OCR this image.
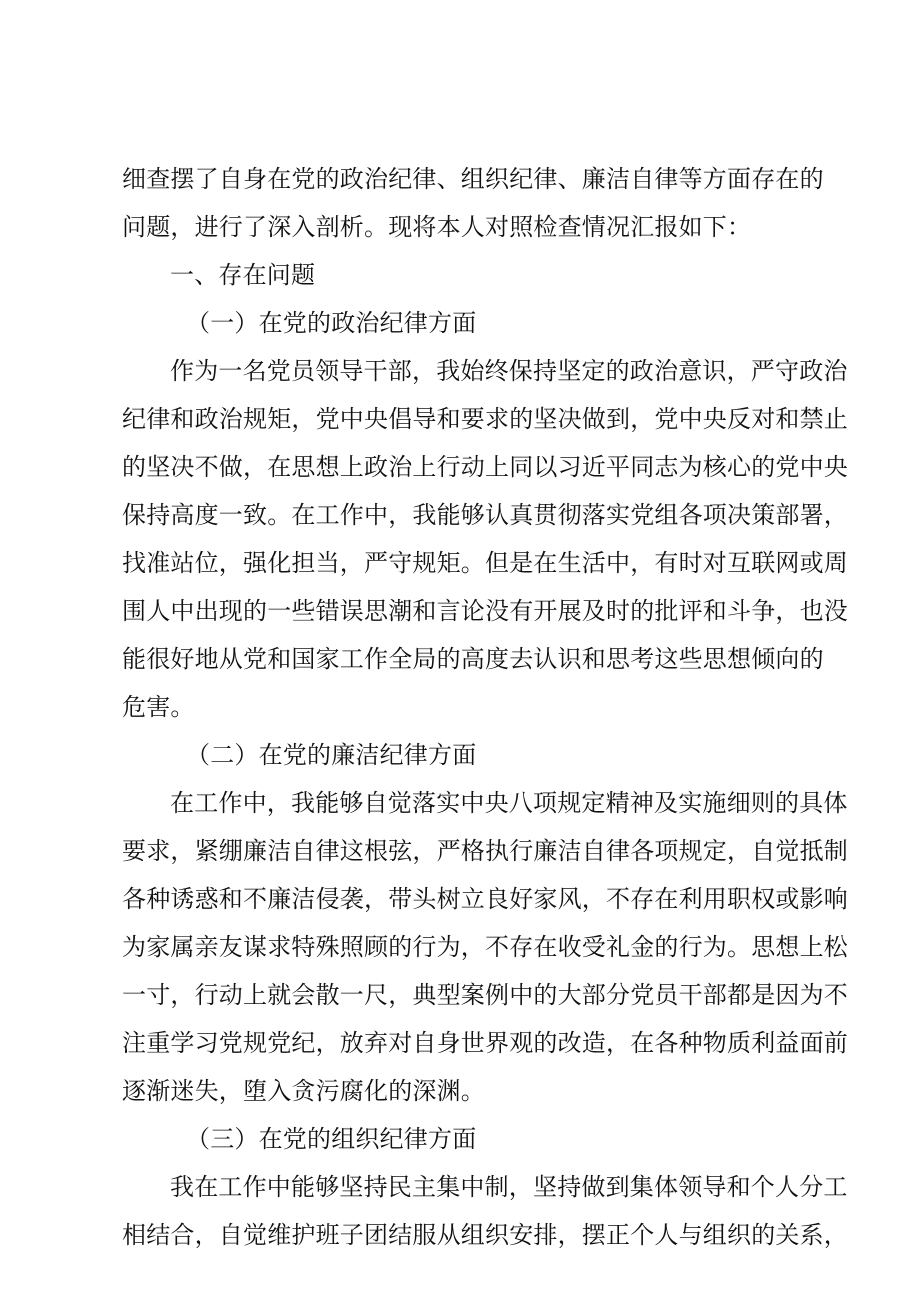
细查摆了自身在党的政治纪律、组织纪律、廉洁自律等方面存在的
问题，进行了深入剖析。现将本人对照检查情况汇报如下：
一、存在问题
（一）在党的政治纪律方面
作为一名党员领导干部，我始终保持坚定的政治意识，严守政治
纪律和政治规矩，党中央倡导和要求的坚决做到，党中央反对和禁止
的坚决不做，在思想上政治上行动上同以习近平同志为核心的党中央
保持高度一致。在工作中，我能够认真贯彻落实党组各项决策部署，
找准站位，强化担当，严守规矩。但是在生活中，有时对互联网或周
围人中出现的一些错误思潮和言论没有开展及时的批评和斗争，也没
能很好地从党和国家工作全局的高度去认识和思考这些思想倾向的
危害。
（二）在党的廉洁纪律方面
在工作中，我能够自觉落实中央八项规定精神及实施细则的具体
要求，紧绷廉洁自律这根弦，严格执行廉洁自律各项规定，自觉抵制
各种诱惑和不廉洁侵袭，带头树立良好家风，不存在利用职权或影响
为家属亲友谋求特殊照顾的行为，不存在收受礼金的行为。思想上松
一寸，行动上就会散一尺，典型案例中的大部分党员干部都是因为不
注重学习党规党纪，放弃对自身世界观的改造，在各种物质利益面前
逐渐迷失，堕入贪污腐化的深渊。
（三）在党的组织纪律方面
我在工作中能够坚持民主集中制，坚持做到集体领导和个人分工
相结合，自觉维护班子团结服从组织安排，摆正个人与组织的关系，
